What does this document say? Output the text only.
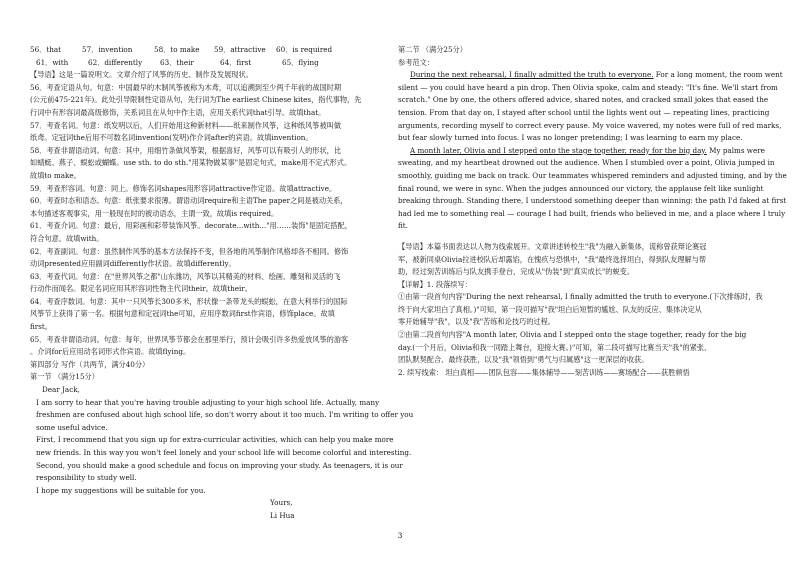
56．that	57．invention	58．to make	59．attractive	60．is required
61．with	62．differently	63．their	64．first	65．flying
【导语】这是一篇说明文。文章介绍了风筝的历史、制作及发展现状。
56．考查定语从句。句意：中国最早的木制风筝被称为木鸢，可以追溯到至少两千年前的战国时期
(公元前475-221年)。此处引导限制性定语从句，先行词为The earliest Chinese kites，指代事物，先
行词中有形容词最高级修饰，关系词且在从句中作主语，应用关系代词that引导。故填that。
57．考查名词。句意：纸发明以后，人们开始用这种新材料——纸来制作风筝，这种纸风筝被叫做
纸鸢。定冠词the后用不可数名词invention(发明)作介词after的宾语。故填invention。
58．考查非谓语动词。句意：其中，用细竹条做风筝架，根据喜好，风筝可以有吸引人的形状，比
如蜻蜓、燕子、蜈蚣或蝴蝶。use sth. to do sth."用某物做某事"是固定句式，make用不定式形式。
故填to make。
59．考查形容词。句意：同上。修饰名词shapes用形容词attractive作定语。故填attractive。
60．考查时态和语态。句意：纸张要求很薄。谓语动词require和主语The paper之间是被动关系，
本句描述客观事实，用一般现在时的被动语态，主谓一致，故填is required。
61．考查介词。句意：最后，用彩画和彩带装饰风筝。decorate...with..."用……装饰"是固定搭配，
符合句意。故填with。
62．考查副词。句意：虽然制作风筝的基本方法保持不变，但各地的风筝制作风格却各不相同。修饰
动词presented应用副词differently作状语。故填differently。
63．考查代词。句意：在"世界风筝之都"山东潍坊，风筝以其精美的材料、绘画、雕刻和灵活的飞
行动作而闻名。限定名词应用其形容词性物主代词their。故填their。
64．考查序数词。句意：其中一只风筝长300多米，形状像一条带龙头的蜈蚣，在意大利举行的国际
风筝节上获得了第一名。根据句意和定冠词the可知，应用序数词first作宾语，修饰place。故填
first。
65．考查非谓语动词。句意：每年，世界风筝节都会在那里举行，预计会吸引许多热爱放风筝的游客
。介词for后应用动名词形式作宾语。故填flying。
第四部分 写作（共两节，满分40分）
第一节 （满分15分）
Dear Jack,
I am sorry to hear that you're having trouble adjusting to your high school life. Actually, many
freshmen are confused about high school life, so don't worry about it too much. I'm writing to offer you
some useful advice.
First, I recommend that you sign up for extra-curricular activities, which can help you make more
new friends. In this way you won't feel lonely and your school life will become colorful and interesting.
Second, you should make a good schedule and focus on improving your study. As teenagers, it is our
responsibility to study well.
I hope my suggestions will be suitable for you.
Yours,
Li Hua
第二节 （满分25分）
参考范文：
During the next rehearsal, I finally admitted the truth to everyone. For a long moment, the room went
silent — you could have heard a pin drop. Then Olivia spoke, calm and steady: "It's fine. We'll start from
scratch." One by one, the others offered advice, shared notes, and cracked small jokes that eased the
tension. From that day on, I stayed after school until the lights went out — repeating lines, practicing
arguments, recording myself to correct every pause. My voice wavered, my notes were full of red marks,
but fear slowly turned into focus. I was no longer pretending; I was learning to earn my place.
A month later, Olivia and I stepped onto the stage together, ready for the big day. My palms were
sweating, and my heartbeat drowned out the audience. When I stumbled over a point, Olivia jumped in
smoothly, guiding me back on track. Our teammates whispered reminders and adjusted timing, and by the
final round, we were in sync. When the judges announced our victory, the applause felt like sunlight
breaking through. Standing there, I understood something deeper than winning: the path I'd faked at first
had led me to something real — courage I had built, friends who believed in me, and a place where I truly
fit.
【导语】本篇书面表达以人物为线索展开。文章讲述转校生"我"为融入新集体，谎称曾获辩论赛冠
军，被新同桌Olivia拉进校队后却露馅，在愧疚与恐惧中，"我"最终选择坦白，得到队友理解与帮
助，经过刻苦训练后与队友携手登台，完成从"伪装"到"真实成长"的蜕变。
【详解】1. 段落续写：
①由第一段首句内容"During the next rehearsal, I finally admitted the truth to everyone.(下次排练时，我
终于向大家坦白了真相。)"可知，第一段可描写"我"坦白后短暂的尴尬、队友的反应、集体决定从
零开始辅导"我"，以及"我"苦练和论技巧的过程。
②由第二段首句内容"A month later, Olivia and I stepped onto the stage together, ready for the big
day.(一个月后，Olivia和我一同踏上舞台，迎接大赛。)"可知，第二段可描写比赛当天"我"的紧张、
团队默契配合、最终获胜，以及"我"领悟到"勇气与归属感"这一更深层的收获。
2. 续写线索： 坦白真相——团队包容——集体辅导——刻苦训练——赛场配合——获胜顿悟
3
